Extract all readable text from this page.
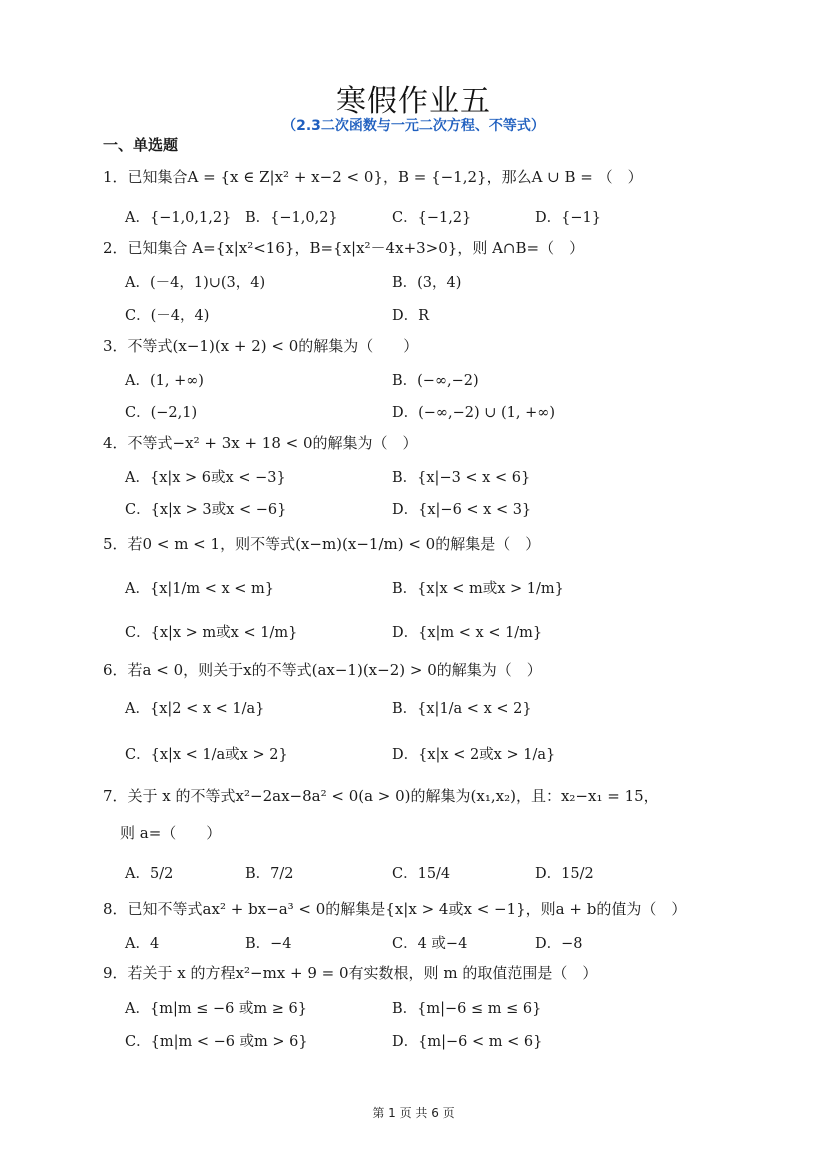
寒假作业五
（2.3二次函数与一元二次方程、不等式）
一、单选题
1．已知集合A = {x ∈ Z|x² + x−2 < 0}，B = {−1,2}，那么A ∪ B = （　）
A．{−1,0,1,2} B．{−1,0,2}	C．{−1,2}	D．{−1}
2．已知集合 A={x|x²<16}，B={x|x²－4x+3>0}，则 A∩B=（　）
A．(－4，1)∪(3，4)	B．(3，4)
C．(－4，4)	D．R
3．不等式(x−1)(x + 2) < 0的解集为（　　）
A．(1, +∞)	B．(−∞,−2)
C．(−2,1)	D．(−∞,−2) ∪ (1, +∞)
4．不等式−x² + 3x + 18 < 0的解集为（　）
A．{x|x > 6或x < −3}	B．{x|−3 < x < 6}
C．{x|x > 3或x < −6}	D．{x|−6 < x < 3}
5．若0 < m < 1，则不等式(x−m)(x−1/m) < 0的解集是（　）
A．{x|1/m < x < m}	B．{x|x < m或x > 1/m}
C．{x|x > m或x < 1/m}	D．{x|m < x < 1/m}
6．若a < 0，则关于x的不等式(ax−1)(x−2) > 0的解集为（　）
A．{x|2 < x < 1/a}	B．{x|1/a < x < 2}
C．{x|x < 1/a或x > 2}	D．{x|x < 2或x > 1/a}
7．关于 x 的不等式x²−2ax−8a² < 0(a > 0)的解集为(x₁,x₂)，且：x₂−x₁ = 15，
则 a=（　　）
A．5/2	B．7/2	C．15/4	D．15/2
8．已知不等式ax² + bx−a³ < 0的解集是{x|x > 4或x < −1}，则a + b的值为（　）
A．4	B．−4	C．4 或−4	D．−8
9．若关于 x 的方程x²−mx + 9 = 0有实数根，则 m 的取值范围是（　）
A．{m|m ≤ −6 或m ≥ 6}	B．{m|−6 ≤ m ≤ 6}
C．{m|m < −6 或m > 6}	D．{m|−6 < m < 6}
第 1 页 共 6 页
